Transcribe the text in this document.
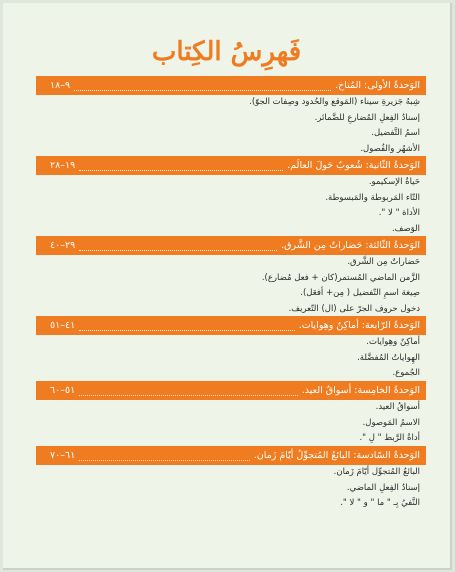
فَهرِسُ الكِتاب
الوَحدةُ الأولى: المُناخ.
٩–١٨
شِبهُ جَزيرةِ سيناء (المَوقع والحُدود وصِفات الجوّ).
إسنادُ الفِعلِ المُضارعِ للضَّمائر.
اسمُ التَّفضيل.
الأشهُر والفُصول.
الوَحدةُ الثّانية: شُعوبٌ حَولَ العالَم.
١٩–٢٨
حَياةُ الإسكيمو.
التّاء المَربوطة والمَبسوطة.
الأداة " لا ".
الوَصف.
الوَحدةُ الثّالثة: حَضاراتٌ مِن الشَّرق.
٢٩–٤٠
حَضاراتٌ مِن الشَّرق.
الزَّمن الماضي المُستمر(كان + فعل مُضارع).
صِيغة اسمِ التّفضيل ( مِن+ أفعَل).
دخول حروف الجرّ على (ال) التّعريف.
الوَحدةُ الرّابعة: أماكِنٌ وهِوايات.
٤١–٥١
أماكِنٌ وهِوايات.
الهِواياتُ المُفضَّلة.
الجُموع.
الوَحدةُ الخامِسة: أسواقُ العيد.
٥١–٦٠
أسواقُ العيد.
الاسمُ المَوصول.
أداةُ الرَّبط " لِ ".
الوَحدةُ السّادسة: البائعُ المُتجوِّلُ أيّامَ زَمان.
٦١–٧٠
البائعُ المُتجوِّل أيّامَ زَمان.
إسنادُ الفِعلِ الماضي.
النَّفيُ بِـ " ما " و " لا ".
